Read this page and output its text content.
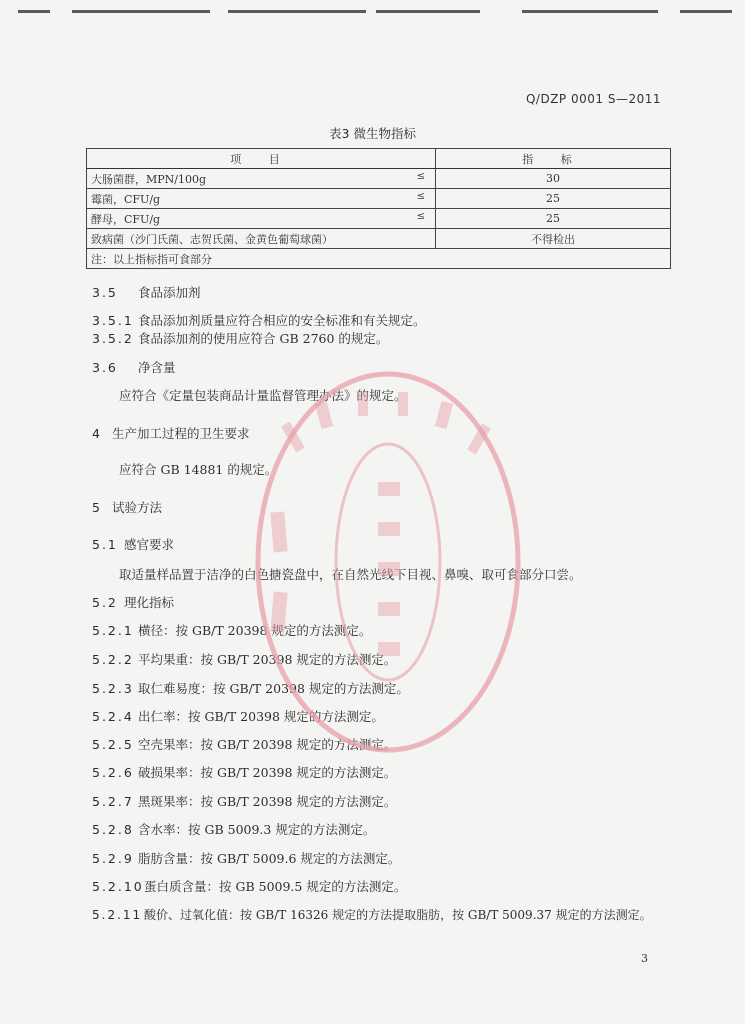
Q/DZP 0001 S—2011
表3 微生物指标
项 目	指 标
大肠菌群，MPN/100g ≤	30
霉菌，CFU/g ≤	25
酵母，CFU/g ≤	25
致病菌（沙门氏菌、志贺氏菌、金黄色葡萄球菌）	不得检出
注：以上指标指可食部分	
3.5 食品添加剂
3.5.1 食品添加剂质量应符合相应的安全标准和有关规定。
3.5.2 食品添加剂的使用应符合 GB 2760 的规定。
3.6 净含量
应符合《定量包装商品计量监督管理办法》的规定。
4 生产加工过程的卫生要求
应符合 GB 14881 的规定。
5 试验方法
5.1 感官要求
取适量样品置于洁净的白色搪瓷盘中，在自然光线下目视、鼻嗅、取可食部分口尝。
5.2 理化指标
5.2.1 横径：按 GB/T 20398 规定的方法测定。
5.2.2 平均果重：按 GB/T 20398 规定的方法测定。
5.2.3 取仁难易度：按 GB/T 20398 规定的方法测定。
5.2.4 出仁率：按 GB/T 20398 规定的方法测定。
5.2.5 空壳果率：按 GB/T 20398 规定的方法测定。
5.2.6 破损果率：按 GB/T 20398 规定的方法测定。
5.2.7 黑斑果率：按 GB/T 20398 规定的方法测定。
5.2.8 含水率：按 GB 5009.3 规定的方法测定。
5.2.9 脂肪含量：按 GB/T 5009.6 规定的方法测定。
5.2.10蛋白质含量：按 GB 5009.5 规定的方法测定。
5.2.11 酸价、过氧化值：按 GB/T 16326 规定的方法提取脂肪，按 GB/T 5009.37 规定的方法测定。
3
